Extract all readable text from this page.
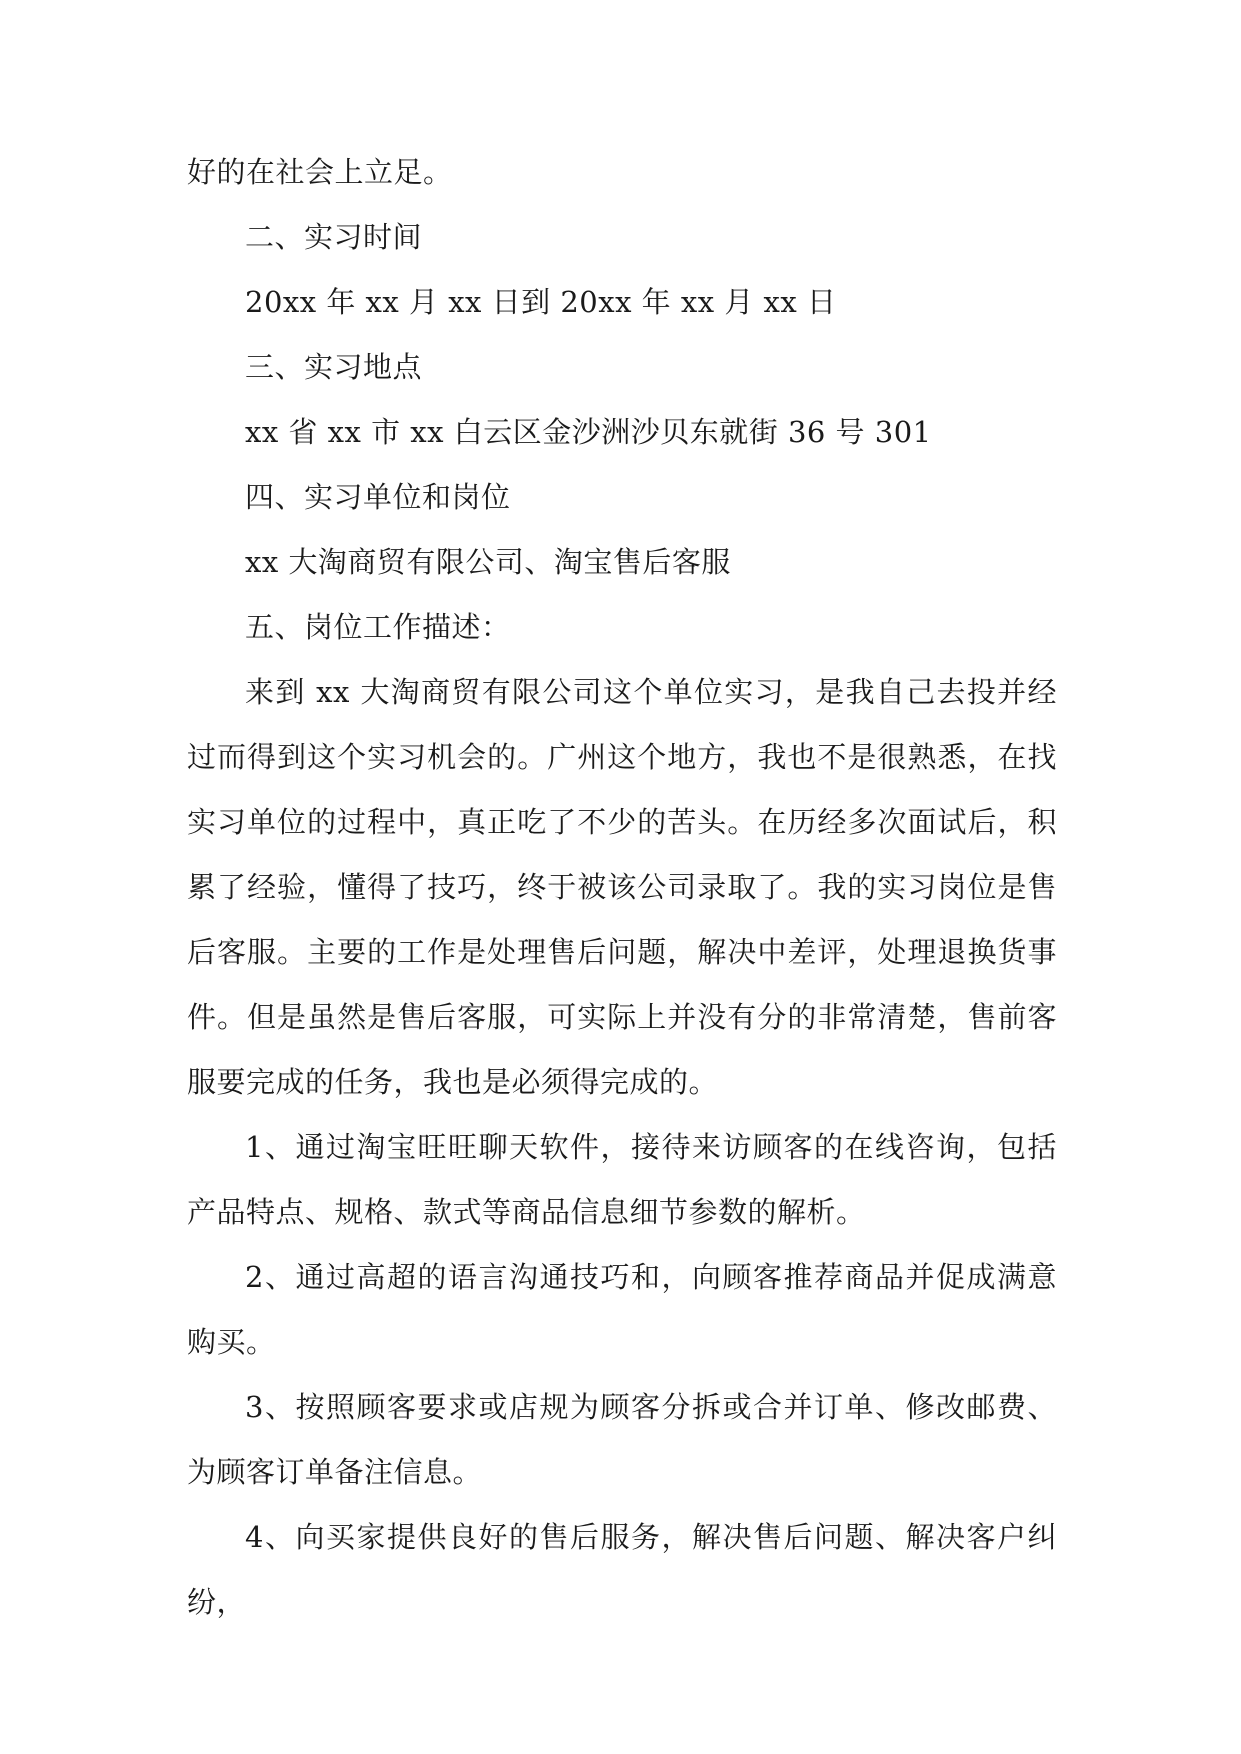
好的在社会上立足。

二、实习时间

20xx 年 xx 月 xx 日到 20xx 年 xx 月 xx 日

三、实习地点

xx 省 xx 市 xx 白云区金沙洲沙贝东就街 36 号 301

四、实习单位和岗位

xx 大淘商贸有限公司、淘宝售后客服

五、岗位工作描述：

来到 xx 大淘商贸有限公司这个单位实习，是我自己去投并经过而得到这个实习机会的。广州这个地方，我也不是很熟悉，在找实习单位的过程中，真正吃了不少的苦头。在历经多次面试后，积累了经验，懂得了技巧，终于被该公司录取了。我的实习岗位是售后客服。主要的工作是处理售后问题，解决中差评，处理退换货事件。但是虽然是售后客服，可实际上并没有分的非常清楚，售前客服要完成的任务，我也是必须得完成的。

1、通过淘宝旺旺聊天软件，接待来访顾客的在线咨询，包括产品特点、规格、款式等商品信息细节参数的解析。

2、通过高超的语言沟通技巧和，向顾客推荐商品并促成满意购买。

3、按照顾客要求或店规为顾客分拆或合并订单、修改邮费、为顾客订单备注信息。

4、向买家提供良好的售后服务，解决售后问题、解决客户纠纷，
